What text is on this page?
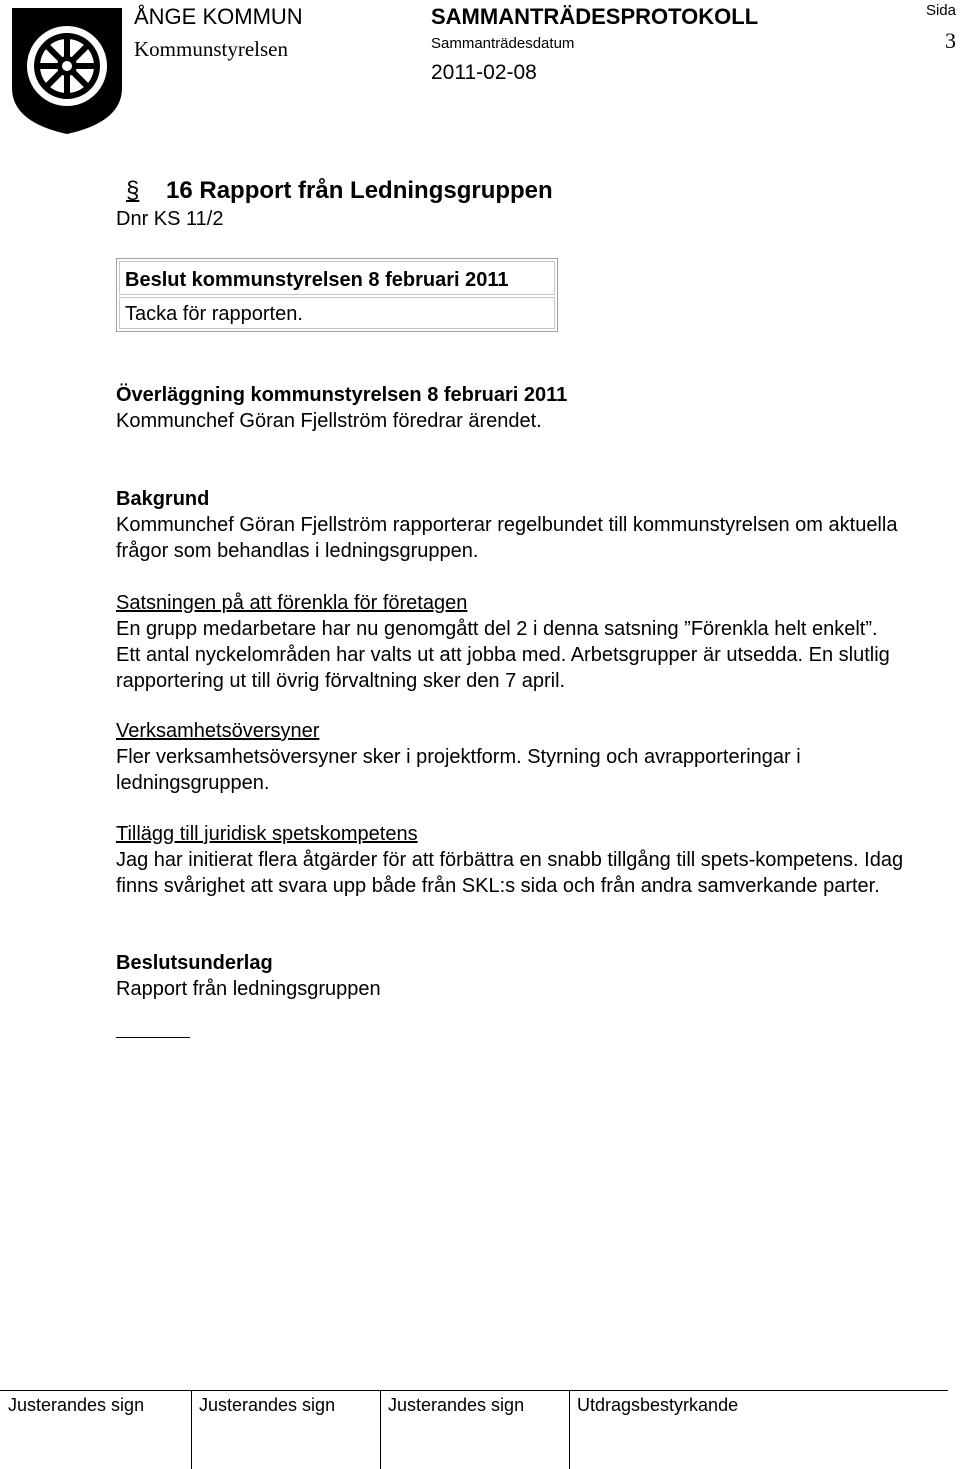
ÅNGE KOMMUN
Kommunstyrelsen
SAMMANTRÄDESPROTOKOLL
Sammanträdesdatum
2011-02-08
Sida
3
§ 16 Rapport från Ledningsgruppen
Dnr KS 11/2
Beslut kommunstyrelsen 8 februari 2011
Tacka för rapporten.
Överläggning kommunstyrelsen 8 februari 2011
Kommunchef Göran Fjellström föredrar ärendet.
Bakgrund
Kommunchef Göran Fjellström rapporterar regelbundet till kommunstyrelsen om aktuella frågor som behandlas i ledningsgruppen.
Satsningen på att förenkla för företagen
En grupp medarbetare har nu genomgått del 2 i denna satsning ”Förenkla helt enkelt”. Ett antal nyckelområden har valts ut att jobba med. Arbetsgrupper är utsedda. En slutlig rapportering ut till övrig förvaltning sker den 7 april.
Verksamhetsöversyner
Fler verksamhetsöversyner sker i projektform. Styrning och avrapporteringar i ledningsgruppen.
Tillägg till juridisk spetskompetens
Jag har initierat flera åtgärder för att förbättra en snabb tillgång till spets-kompetens. Idag finns svårighet att svara upp både från SKL:s sida och från andra samverkande parter.
Beslutsunderlag
Rapport från ledningsgruppen
Justerandes sign	Justerandes sign	Justerandes sign	Utdragsbestyrkande
